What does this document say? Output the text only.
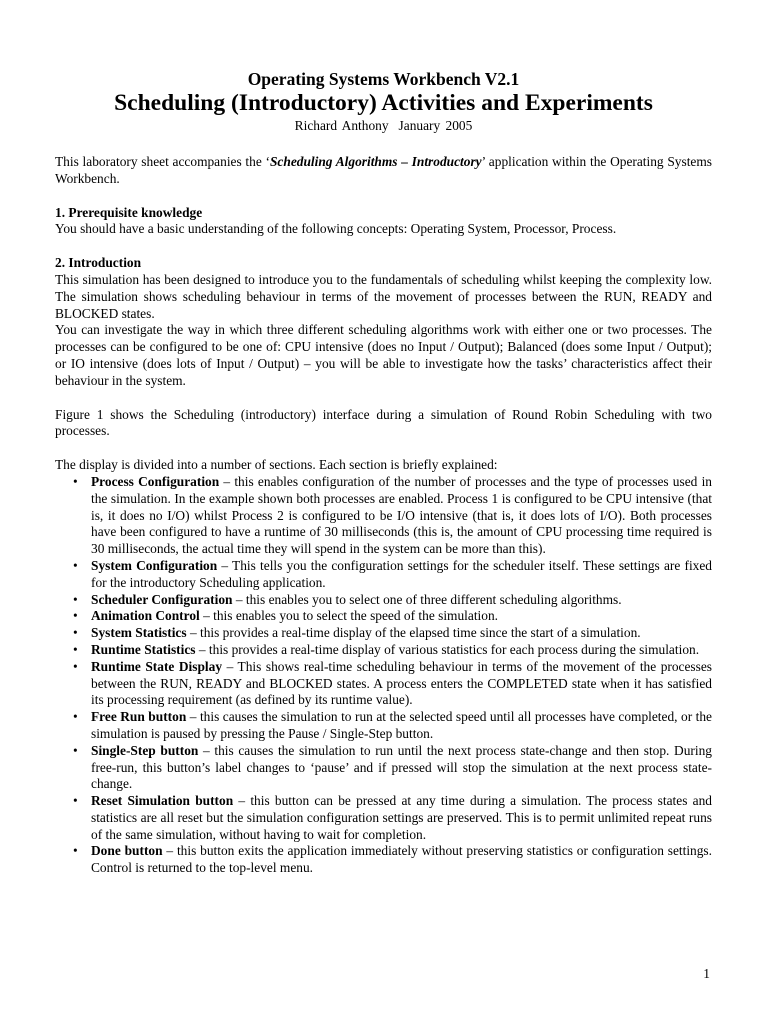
Operating Systems Workbench V2.1
Scheduling (Introductory) Activities and Experiments
Richard Anthony January 2005

This laboratory sheet accompanies the ‘Scheduling Algorithms – Introductory’ application within the Operating Systems Workbench.

1. Prerequisite knowledge

You should have a basic understanding of the following concepts: Operating System, Processor, Process.

2. Introduction

This simulation has been designed to introduce you to the fundamentals of scheduling whilst keeping the complexity low. The simulation shows scheduling behaviour in terms of the movement of processes between the RUN, READY and BLOCKED states.

You can investigate the way in which three different scheduling algorithms work with either one or two processes. The processes can be configured to be one of: CPU intensive (does no Input / Output); Balanced (does some Input / Output); or IO intensive (does lots of Input / Output) – you will be able to investigate how the tasks’ characteristics affect their behaviour in the system.

Figure 1 shows the Scheduling (introductory) interface during a simulation of Round Robin Scheduling with two processes.

The display is divided into a number of sections. Each section is briefly explained:

• Process Configuration – this enables configuration of the number of processes and the type of processes used in the simulation. In the example shown both processes are enabled. Process 1 is configured to be CPU intensive (that is, it does no I/O) whilst Process 2 is configured to be I/O intensive (that is, it does lots of I/O). Both processes have been configured to have a runtime of 30 milliseconds (this is, the amount of CPU processing time required is 30 milliseconds, the actual time they will spend in the system can be more than this).
• System Configuration – This tells you the configuration settings for the scheduler itself. These settings are fixed for the introductory Scheduling application.
• Scheduler Configuration – this enables you to select one of three different scheduling algorithms.
• Animation Control – this enables you to select the speed of the simulation.
• System Statistics – this provides a real-time display of the elapsed time since the start of a simulation.
• Runtime Statistics – this provides a real-time display of various statistics for each process during the simulation.
• Runtime State Display – This shows real-time scheduling behaviour in terms of the movement of the processes between the RUN, READY and BLOCKED states. A process enters the COMPLETED state when it has satisfied its processing requirement (as defined by its runtime value).
• Free Run button – this causes the simulation to run at the selected speed until all processes have completed, or the simulation is paused by pressing the Pause / Single-Step button.
• Single-Step button – this causes the simulation to run until the next process state-change and then stop. During free-run, this button’s label changes to ‘pause’ and if pressed will stop the simulation at the next process state-change.
• Reset Simulation button – this button can be pressed at any time during a simulation. The process states and statistics are all reset but the simulation configuration settings are preserved. This is to permit unlimited repeat runs of the same simulation, without having to wait for completion.
• Done button – this button exits the application immediately without preserving statistics or configuration settings. Control is returned to the top-level menu.
1
